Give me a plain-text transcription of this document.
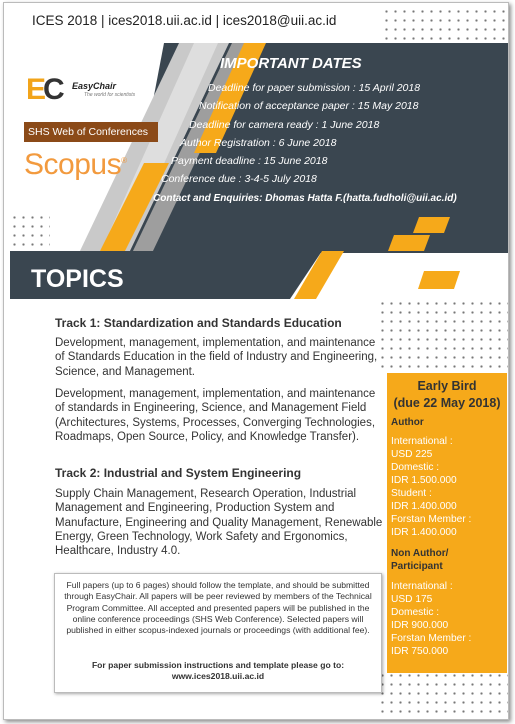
ICES 2018 | ices2018.uii.ac.id | ices2018@uii.ac.id
E
C EasyChair
The world for scientists
SHS Web of Conferences
Scopus®
IMPORTANT DATES
Deadline for paper submission : 15 April 2018
Notification of acceptance paper : 15 May 2018
Deadline for camera ready : 1 June 2018
Author Registration : 6 June 2018
Payment deadline : 15 June 2018
Conference due : 3-4-5 July 2018
Contact and Enquiries: Dhomas Hatta F.(hatta.fudholi@uii.ac.id)
TOPICS
Track 1: Standardization and Standards Education
Development, management, implementation, and maintenance of Standards Education in the field of Industry and Engineering, Science, and Management.
Development, management, implementation, and maintenance of standards in Engineering, Science, and Management Field (Architectures, Systems, Processes, Converging Technologies, Roadmaps, Open Source, Policy, and Knowledge Transfer).
Track 2: Industrial and System Engineering
Supply Chain Management, Research Operation, Industrial Management and Engineering, Production System and Manufacture, Engineering and Quality Management, Renewable Energy, Green Technology, Work Safety and Ergonomics, Healthcare, Industry 4.0.
Full papers (up to 6 pages) should follow the template, and should be submitted through EasyChair. All papers will be peer reviewed by members of the Technical Program Committee. All accepted and presented papers will be published in the online conference proceedings (SHS Web Conference). Selected papers will published in either scopus-indexed journals or proceedings (with additional fee).
For paper submission instructions and template please go to: www.ices2018.uii.ac.id
Early Bird
(due 22 May 2018)
Author
International :
USD 225
Domestic :
IDR 1.500.000
Student :
IDR 1.400.000
Forstan Member :
IDR 1.400.000
Non Author/
Participant
International :
USD 175
Domestic :
IDR 900.000
Forstan Member :
IDR 750.000
